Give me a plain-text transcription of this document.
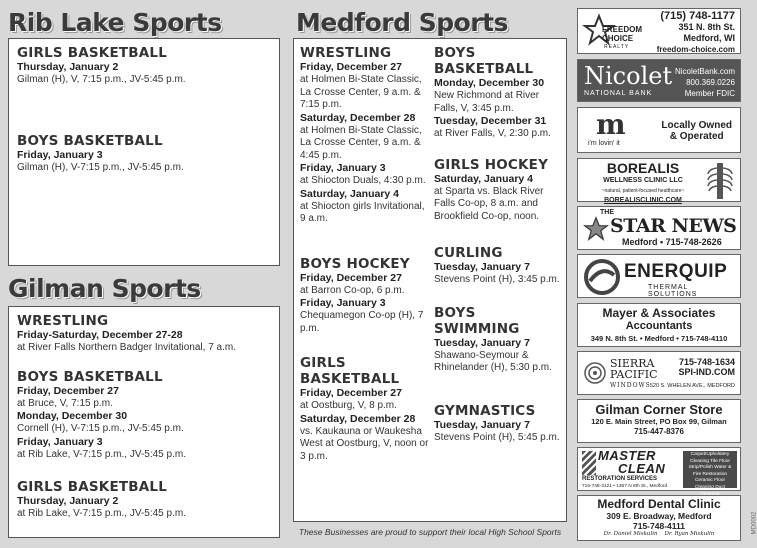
Rib Lake Sports	Medford Sports
Gilman Sports
GIRLS BASKETBALL
Thursday, January 2
Gilman (H), V, 7:15 p.m., JV-5:45 p.m.
BOYS BASKETBALL
Friday, January 3
Gilman (H), V-7:15 p.m., JV-5:45 p.m.
WRESTLING
Friday-Saturday, December 27-28
at River Falls Northern Badger Invitational, 7 a.m.
BOYS BASKETBALL
Friday, December 27
at Bruce, V, 7:15 p.m.
Monday, December 30
Cornell (H), V-7:15 p.m., JV-5:45 p.m.
Friday, January 3
at Rib Lake, V-7:15 p.m., JV-5:45 p.m.
GIRLS BASKETBALL
Thursday, January 2
at Rib Lake, V-7:15 p.m., JV-5:45 p.m.
WRESTLING
Friday, December 27
at Holmen Bi-State Classic, La Crosse Center, 9 a.m. & 7:15 p.m.
Saturday, December 28
at Holmen Bi-State Classic, La Crosse Center, 9 a.m. & 4:45 p.m.
Friday, January 3
at Shiocton Duals, 4:30 p.m.
Saturday, January 4
at Shiocton girls Invitational, 9 a.m.
BOYS HOCKEY
Friday, December 27
at Barron Co-op, 6 p.m.
Friday, January 3
Chequamegon Co-op (H), 7 p.m.
GIRLS BASKETBALL
Friday, December 27
at Oostburg, V, 8 p.m.
Saturday, December 28
vs. Kaukauna or Waukesha West at Oostburg, V, noon or 3 p.m.
BOYS BASKETBALL
Monday, December 30
New Richmond at River Falls, V, 3:45 p.m.
Tuesday, December 31
at River Falls, V, 2:30 p.m.
GIRLS HOCKEY
Saturday, January 4
at Sparta vs. Black River Falls Co-op, 8 a.m. and Brookfield Co-op, noon.
CURLING
Tuesday, January 7
Stevens Point (H), 3:45 p.m.
BOYS SWIMMING
Tuesday, January 7
Shawano-Seymour & Rhinelander (H), 5:30 p.m.
GYMNASTICS
Tuesday, January 7
Stevens Point (H), 5:45 p.m.
These Businesses are proud to support their local High School Sports
FREEDOM
CHOICE
REALTY
(715) 748-1177
351 N. 8th St.
Medford, WI
freedom-choice.com
Nicolet
NATIONAL BANK
NicoletBank.com
800.369.0226
Member FDIC
m
i'm lovin' it
Locally Owned
& Operated
BOREALIS
WELLNESS CLINIC LLC
~natural, patient-focused healthcare~
BOREALISCLINIC.COM
THE
STAR NEWS
Medford • 715-748-2626
ENERQUIP
THERMAL SOLUTIONS
Mayer & Associates
Accountants
349 N. 8th St. • Medford • 715-748-4110
SIERRA
PACIFIC
WINDOWS
715-748-1634
SPI-IND.COM
520 S. WHELEN AVE., MEDFORD
Gilman Corner Store
120 E. Main Street, PO Box 99, Gilman
715-447-8376
MASTER
CLEAN
RESTORATION SERVICES
715-748-3121 • 1367 N 8th St., Medford
Carpet/Upholstery Cleaning Tile Floor Strip/Polish Water & Fire Restoration Ceramic Floor Cleaning Duct
Medford Dental Clinic
309 E. Broadway, Medford
715-748-4111
Dr. Daniel Miskulin Dr. Ryan Miskulin	MD0002
